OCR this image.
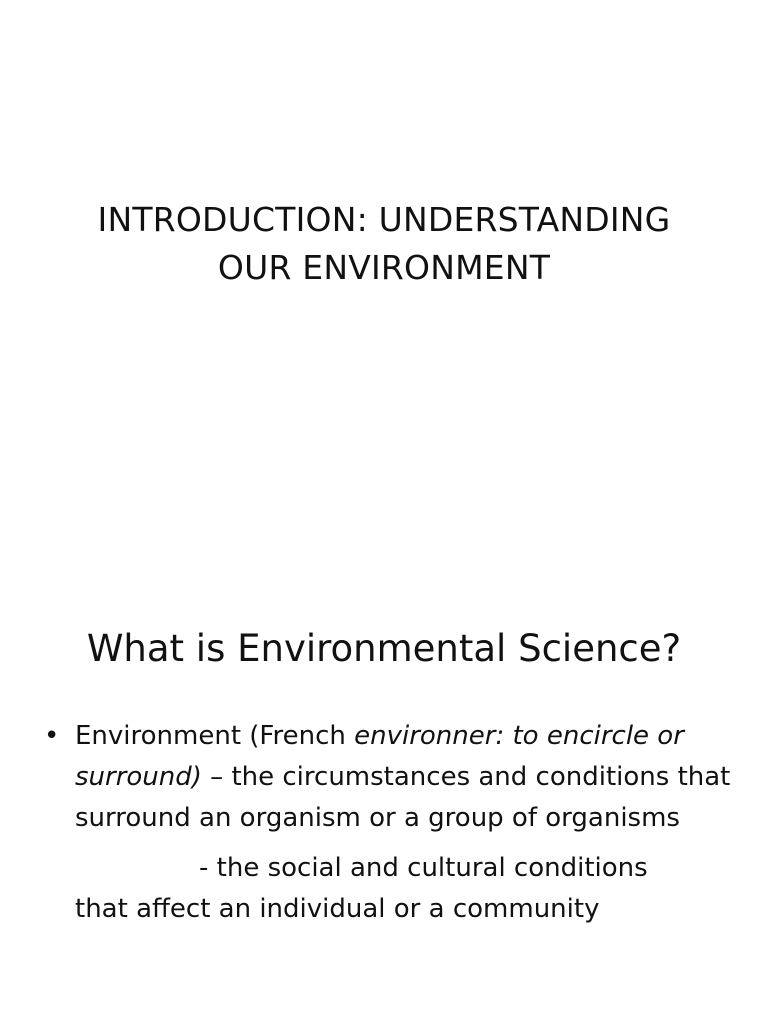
INTRODUCTION: UNDERSTANDING
OUR ENVIRONMENT
What is Environmental Science?
• Environment (French environner: to encircle or surround) – the circumstances and conditions that surround an organism or a group of organisms
- the social and cultural conditions
that affect an individual or a community
